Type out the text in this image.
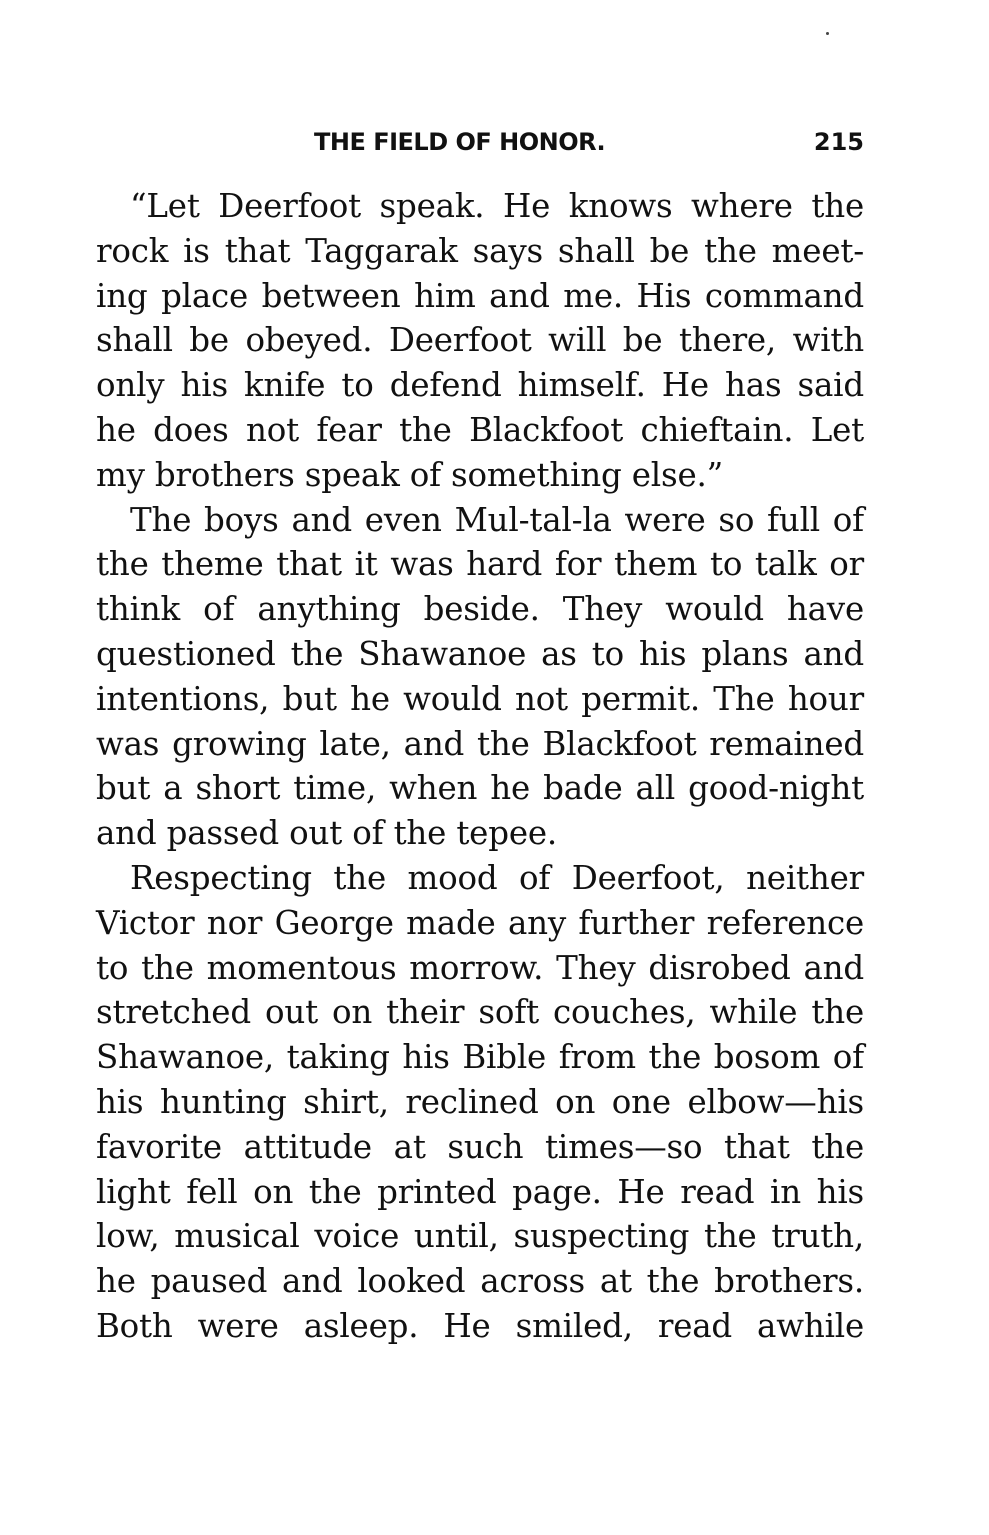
THE FIELD OF HONOR.	215
“Let Deerfoot speak. He knows where the
rock is that Taggarak says shall be the meet-
ing place between him and me. His command
shall be obeyed. Deerfoot will be there, with
only his knife to defend himself. He has said
he does not fear the Blackfoot chieftain. Let
my brothers speak of something else.”
The boys and even Mul-tal-la were so full of
the theme that it was hard for them to talk or
think of anything beside. They would have
questioned the Shawanoe as to his plans and
intentions, but he would not permit. The hour
was growing late, and the Blackfoot remained
but a short time, when he bade all good-night
and passed out of the tepee.
Respecting the mood of Deerfoot, neither
Victor nor George made any further reference
to the momentous morrow. They disrobed and
stretched out on their soft couches, while the
Shawanoe, taking his Bible from the bosom of
his hunting shirt, reclined on one elbow—his
favorite attitude at such times—so that the
light fell on the printed page. He read in his
low, musical voice until, suspecting the truth,
he paused and looked across at the brothers.
Both were asleep. He smiled, read awhile
